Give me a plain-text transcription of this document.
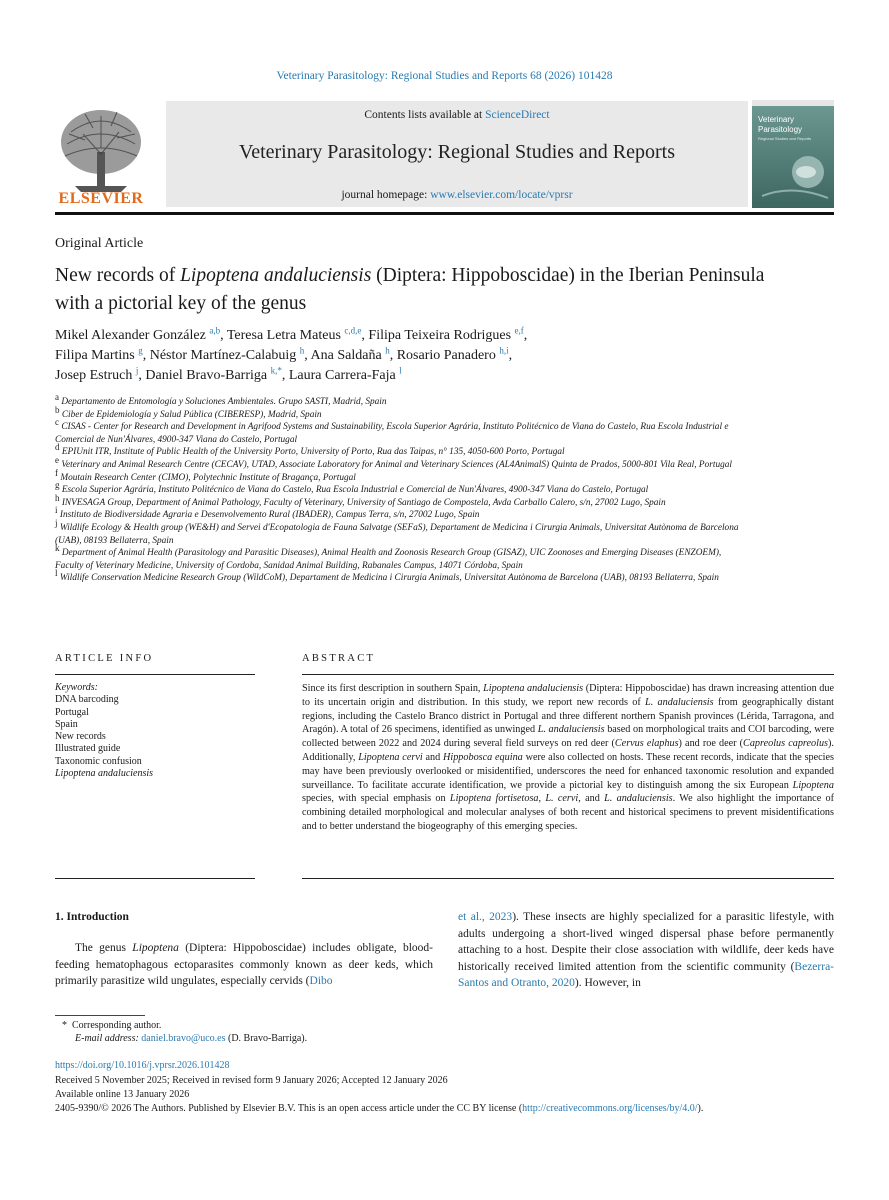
Veterinary Parasitology: Regional Studies and Reports 68 (2026) 101428
ELSEVIER
Contents lists available at ScienceDirect
Veterinary Parasitology: Regional Studies and Reports
journal homepage: www.elsevier.com/locate/vprsr
Veterinary
Parasitology
Regional Studies and Reports
Original Article
New records of Lipoptena andaluciensis (Diptera: Hippoboscidae) in the Iberian Peninsula with a pictorial key of the genus
Mikel Alexander González $^{a,b}$, Teresa Letra Mateus $^{c,d,e}$, Filipa Teixeira Rodrigues $^{e,f}$,
Filipa Martins $^g$, Néstor Martínez-Calabuig $^h$, Ana Saldaña $^h$, Rosario Panadero $^{h,i}$,
Josep Estruch $^j$, Daniel Bravo-Barriga $^{k,*}$, Laura Carrera-Faja $^l$

$^a$ Departamento de Entomología y Soluciones Ambientales. Grupo SASTI, Madrid, Spain

$^b$ Ciber de Epidemiología y Salud Pública (CIBERESP), Madrid, Spain

$^c$ CISAS - Center for Research and Development in Agrifood Systems and Sustainability, Escola Superior Agrária, Instituto Politécnico de Viana do Castelo, Rua Escola Industrial e Comercial de Nun'Álvares, 4900-347 Viana do Castelo, Portugal

$^d$ EPIUnit ITR, Institute of Public Health of the University Porto, University of Porto, Rua das Taipas, n° 135, 4050-600 Porto, Portugal

$^e$ Veterinary and Animal Research Centre (CECAV), UTAD, Associate Laboratory for Animal and Veterinary Sciences (AL4AnimalS) Quinta de Prados, 5000-801 Vila Real, Portugal

$^f$ Moutain Research Center (CIMO), Polytechnic Institute of Bragança, Portugal

$^g$ Escola Superior Agrária, Instituto Politécnico de Viana do Castelo, Rua Escola Industrial e Comercial de Nun'Álvares, 4900-347 Viana do Castelo, Portugal

$^h$ INVESAGA Group, Department of Animal Pathology, Faculty of Veterinary, University of Santiago de Compostela, Avda Carballo Calero, s/n, 27002 Lugo, Spain

$^i$ Instituto de Biodiversidade Agraria e Desenvolvemento Rural (IBADER), Campus Terra, s/n, 27002 Lugo, Spain

$^j$ Wildlife Ecology & Health group (WE&H) and Servei d'Ecopatologia de Fauna Salvatge (SEFaS), Departament de Medicina i Cirurgia Animals, Universitat Autònoma de Barcelona (UAB), 08193 Bellaterra, Spain

$^k$ Department of Animal Health (Parasitology and Parasitic Diseases), Animal Health and Zoonosis Research Group (GISAZ), UIC Zoonoses and Emerging Diseases (ENZOEM), Faculty of Veterinary Medicine, University of Cordoba, Sanidad Animal Building, Rabanales Campus, 14071 Córdoba, Spain

$^l$ Wildlife Conservation Medicine Research Group (WildCoM), Departament de Medicina i Cirurgia Animals, Universitat Autònoma de Barcelona (UAB), 08193 Bellaterra, Spain

ARTICLE INFO
Keywords:
DNA barcoding
Portugal
Spain
New records
Illustrated guide
Taxonomic confusion
Lipoptena andaluciensis
ABSTRACT
Since its first description in southern Spain, Lipoptena andaluciensis (Diptera: Hippoboscidae) has drawn increasing attention due to its uncertain origin and distribution. In this study, we report new records of L. andaluciensis from geographically distant regions, including the Castelo Branco district in Portugal and three different northern Spanish provinces (Lérida, Tarragona, and Aragón). A total of 26 specimens, identified as unwinged L. andaluciensis based on morphological traits and COI barcoding, were collected between 2022 and 2024 during several field surveys on red deer (Cervus elaphus) and roe deer (Capreolus capreolus). Additionally, Lipoptena cervi and Hippobosca equina were also collected on hosts. These recent records, indicate that the species may have been previously overlooked or misidentified, underscores the need for enhanced taxonomic resolution and expanded surveillance. To facilitate accurate identification, we provide a pictorial key to distinguish among the six European Lipoptena species, with special emphasis on Lipoptena fortisetosa, L. cervi, and L. andaluciensis. We also highlight the importance of combining detailed morphological and molecular analyses of both recent and historical specimens to prevent misidentifications and to better understand the biogeography of this emerging species.
1. Introduction

The genus Lipoptena (Diptera: Hippoboscidae) includes obligate, blood-feeding hematophagous ectoparasites commonly known as deer keds, which primarily parasitize wild ungulates, especially cervids (Dibo

et al., 2023). These insects are highly specialized for a parasitic lifestyle, with adults undergoing a short-lived winged dispersal phase before permanently attaching to a host. Despite their close association with wildlife, deer keds have historically received limited attention from the scientific community (Bezerra-Santos and Otranto, 2020). However, in

* Corresponding author.
E-mail address: daniel.bravo@uco.es (D. Bravo-Barriga).
https://doi.org/10.1016/j.vprsr.2026.101428
Received 5 November 2025; Received in revised form 9 January 2026; Accepted 12 January 2026
Available online 13 January 2026
2405-9390/© 2026 The Authors. Published by Elsevier B.V. This is an open access article under the CC BY license (http://creativecommons.org/licenses/by/4.0/).
